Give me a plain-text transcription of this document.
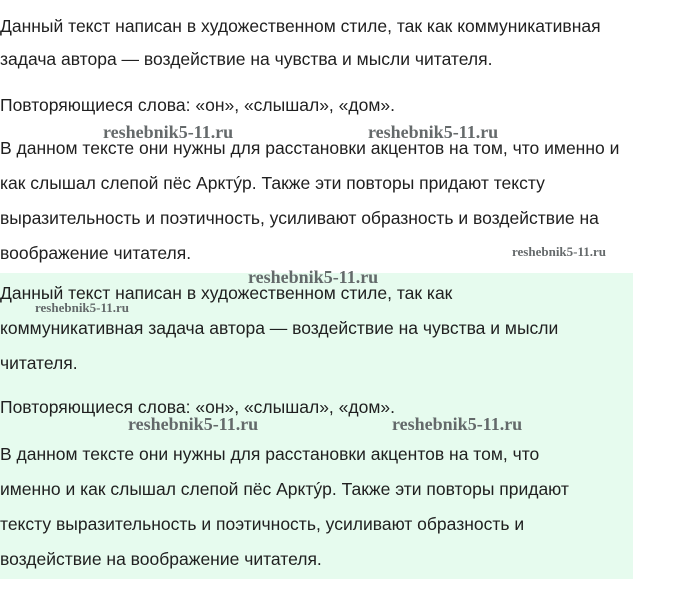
Данный текст написан в художественном стиле, так как коммуникативная
задача автора — воздействие на чувства и мысли читателя.

Повторяющиеся слова: «он», «слышал», «дом».

В данном тексте они нужны для расстановки акцентов на том, что именно и
как слышал слепой пёс Арктýр. Также эти повторы придают тексту
выразительность и поэтичность, усиливают образность и воздействие на
воображение читателя.

Данный текст написан в художественном стиле, так как
коммуникативная задача автора — воздействие на чувства и мысли
читателя.

Повторяющиеся слова: «он», «слышал», «дом».

В данном тексте они нужны для расстановки акцентов на том, что
именно и как слышал слепой пёс Арктýр. Также эти повторы придают
тексту выразительность и поэтичность, усиливают образность и
воздействие на воображение читателя.

reshebnik5-11.ru	reshebnik5-11.ru
reshebnik5-11.ru
reshebnik5-11.ru
reshebnik5-11.ru
reshebnik5-11.ru	reshebnik5-11.ru
